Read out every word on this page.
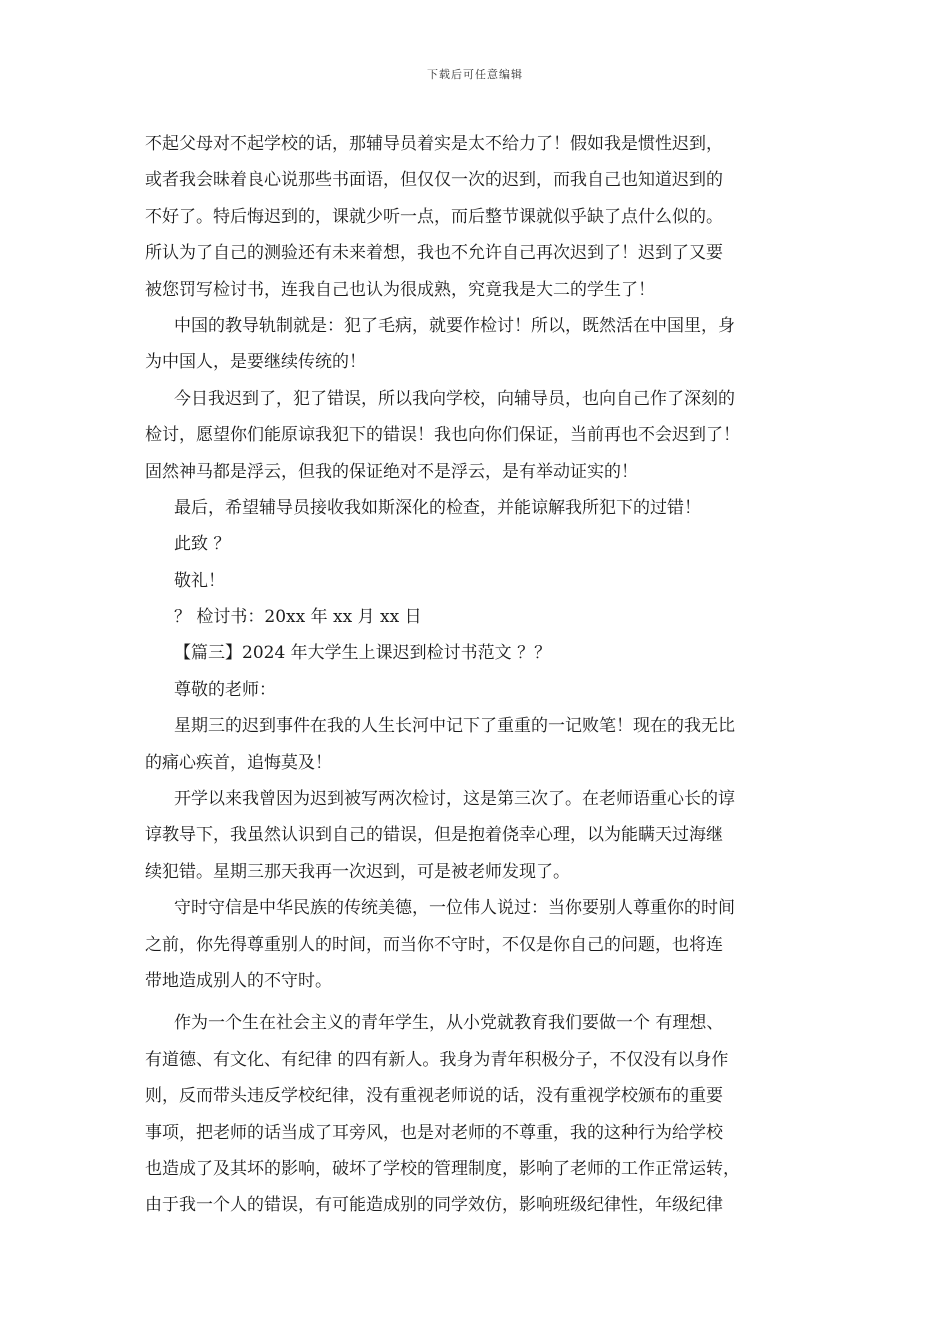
下载后可任意编辑
不起父母对不起学校的话，那辅导员着实是太不给力了！假如我是惯性迟到，
或者我会昧着良心说那些书面语，但仅仅一次的迟到，而我自己也知道迟到的
不好了。特后悔迟到的，课就少听一点，而后整节课就似乎缺了点什么似的。
所认为了自己的测验还有未来着想，我也不允许自己再次迟到了！迟到了又要
被您罚写检讨书，连我自己也认为很成熟，究竟我是大二的学生了！
中国的教导轨制就是：犯了毛病，就要作检讨！所以，既然活在中国里，身
为中国人，是要继续传统的！
今日我迟到了，犯了错误，所以我向学校，向辅导员，也向自己作了深刻的
检讨，愿望你们能原谅我犯下的错误！我也向你们保证，当前再也不会迟到了！
固然神马都是浮云，但我的保证绝对不是浮云，是有举动证实的！
最后，希望辅导员接收我如斯深化的检查，并能谅解我所犯下的过错！
此致 ？
敬礼！
？ 检讨书：20xx 年 xx 月 xx 日
【篇三】2024 年大学生上课迟到检讨书范文 ？？
尊敬的老师：
星期三的迟到事件在我的人生长河中记下了重重的一记败笔！现在的我无比
的痛心疾首，追悔莫及！
开学以来我曾因为迟到被写两次检讨，这是第三次了。在老师语重心长的谆
谆教导下，我虽然认识到自己的错误，但是抱着侥幸心理，以为能瞒天过海继
续犯错。星期三那天我再一次迟到，可是被老师发现了。
守时守信是中华民族的传统美德，一位伟人说过：当你要别人尊重你的时间
之前，你先得尊重别人的时间，而当你不守时，不仅是你自己的问题，也将连
带地造成别人的不守时。
作为一个生在社会主义的青年学生，从小党就教育我们要做一个 有理想、
有道德、有文化、有纪律 的四有新人。我身为青年积极分子，不仅没有以身作
则，反而带头违反学校纪律，没有重视老师说的话，没有重视学校颁布的重要
事项，把老师的话当成了耳旁风，也是对老师的不尊重，我的这种行为给学校
也造成了及其坏的影响，破坏了学校的管理制度，影响了老师的工作正常运转，
由于我一个人的错误，有可能造成别的同学效仿，影响班级纪律性，年级纪律
